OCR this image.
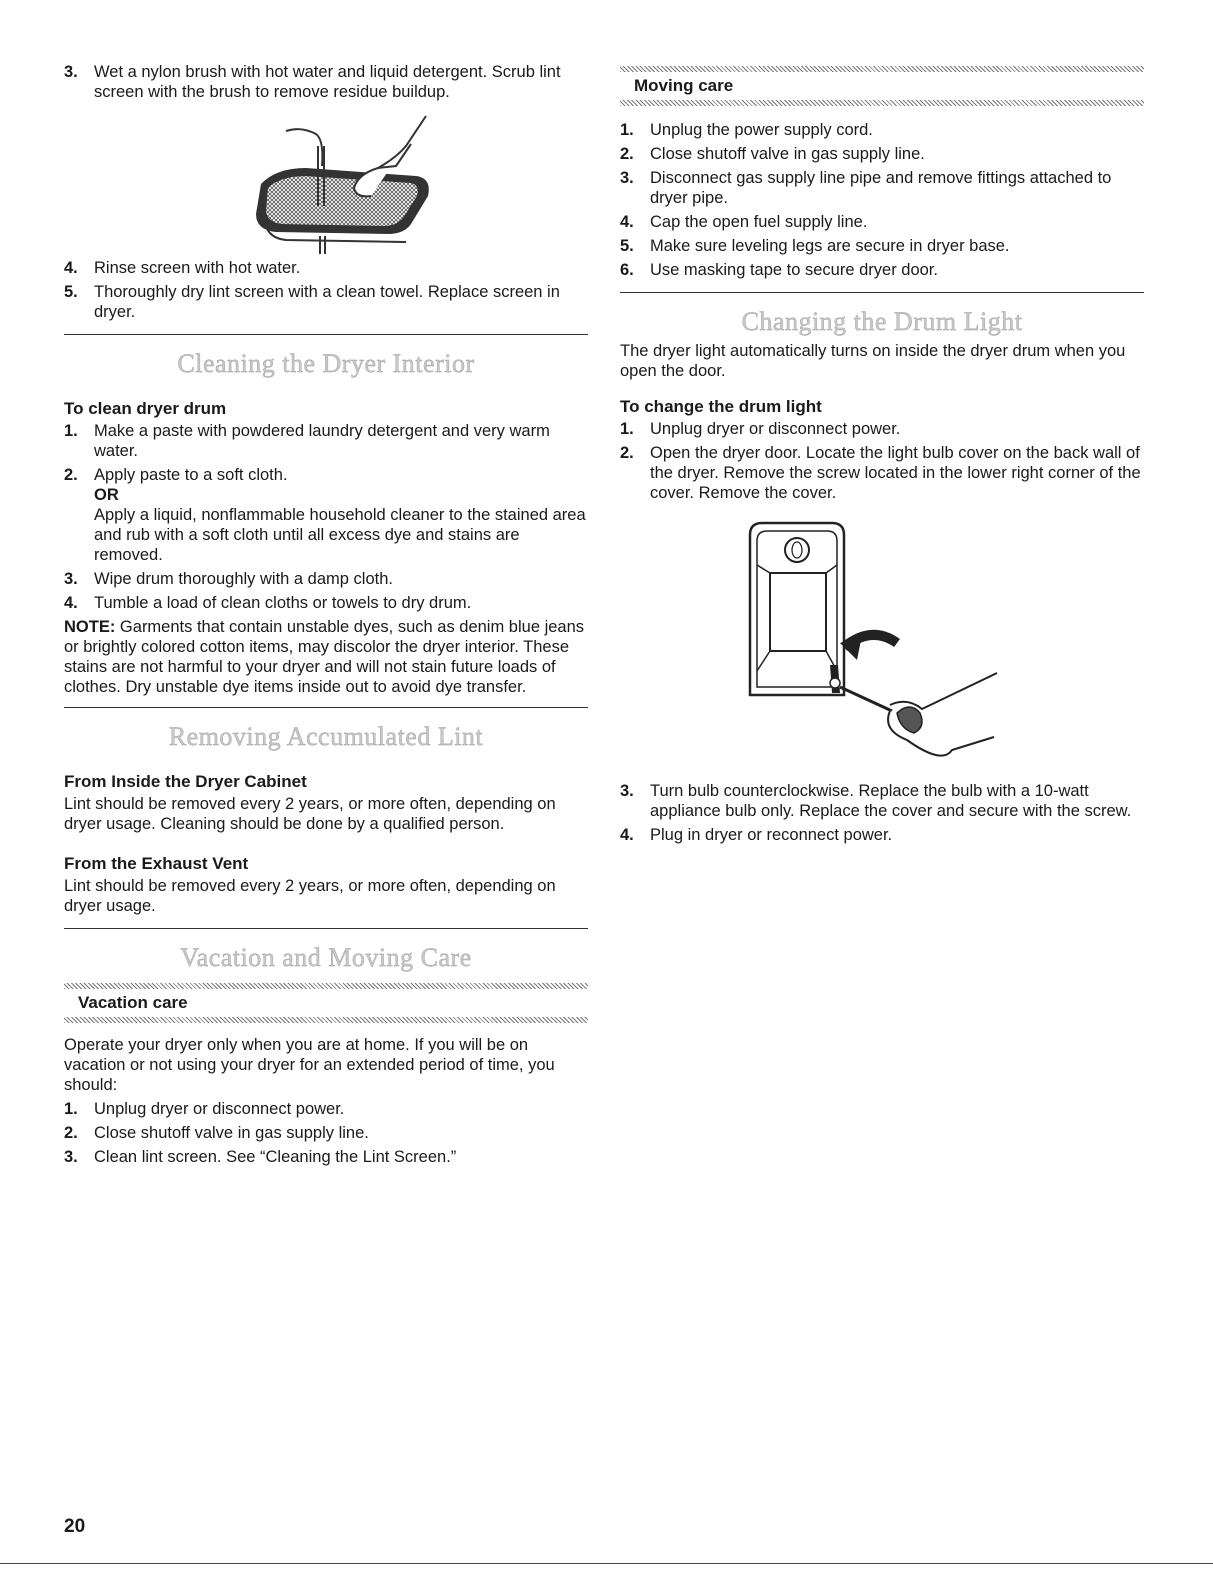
3. Wet a nylon brush with hot water and liquid detergent. Scrub lint screen with the brush to remove residue buildup.
4. Rinse screen with hot water.
5. Thoroughly dry lint screen with a clean towel. Replace screen in dryer.
Cleaning the Dryer Interior
To clean dryer drum
1. Make a paste with powdered laundry detergent and very warm water.
2. Apply paste to a soft cloth.
OR
Apply a liquid, nonflammable household cleaner to the stained area and rub with a soft cloth until all excess dye and stains are removed.
3. Wipe drum thoroughly with a damp cloth.
4. Tumble a load of clean cloths or towels to dry drum.

NOTE: Garments that contain unstable dyes, such as denim blue jeans or brightly colored cotton items, may discolor the dryer interior. These stains are not harmful to your dryer and will not stain future loads of clothes. Dry unstable dye items inside out to avoid dye transfer.

Removing Accumulated Lint
From Inside the Dryer Cabinet

Lint should be removed every 2 years, or more often, depending on dryer usage. Cleaning should be done by a qualified person.

From the Exhaust Vent

Lint should be removed every 2 years, or more often, depending on dryer usage.

Vacation and Moving Care
Vacation care

Operate your dryer only when you are at home. If you will be on vacation or not using your dryer for an extended period of time, you should:

1. Unplug dryer or disconnect power.
2. Close shutoff valve in gas supply line.
3. Clean lint screen. See “Cleaning the Lint Screen.”
Moving care
1. Unplug the power supply cord.
2. Close shutoff valve in gas supply line.
3. Disconnect gas supply line pipe and remove fittings attached to dryer pipe.
4. Cap the open fuel supply line.
5. Make sure leveling legs are secure in dryer base.
6. Use masking tape to secure dryer door.
Changing the Drum Light

The dryer light automatically turns on inside the dryer drum when you open the door.

To change the drum light
1. Unplug dryer or disconnect power.
2. Open the dryer door. Locate the light bulb cover on the back wall of the dryer. Remove the screw located in the lower right corner of the cover. Remove the cover.
3. Turn bulb counterclockwise. Replace the bulb with a 10-watt appliance bulb only. Replace the cover and secure with the screw.
4. Plug in dryer or reconnect power.
20
